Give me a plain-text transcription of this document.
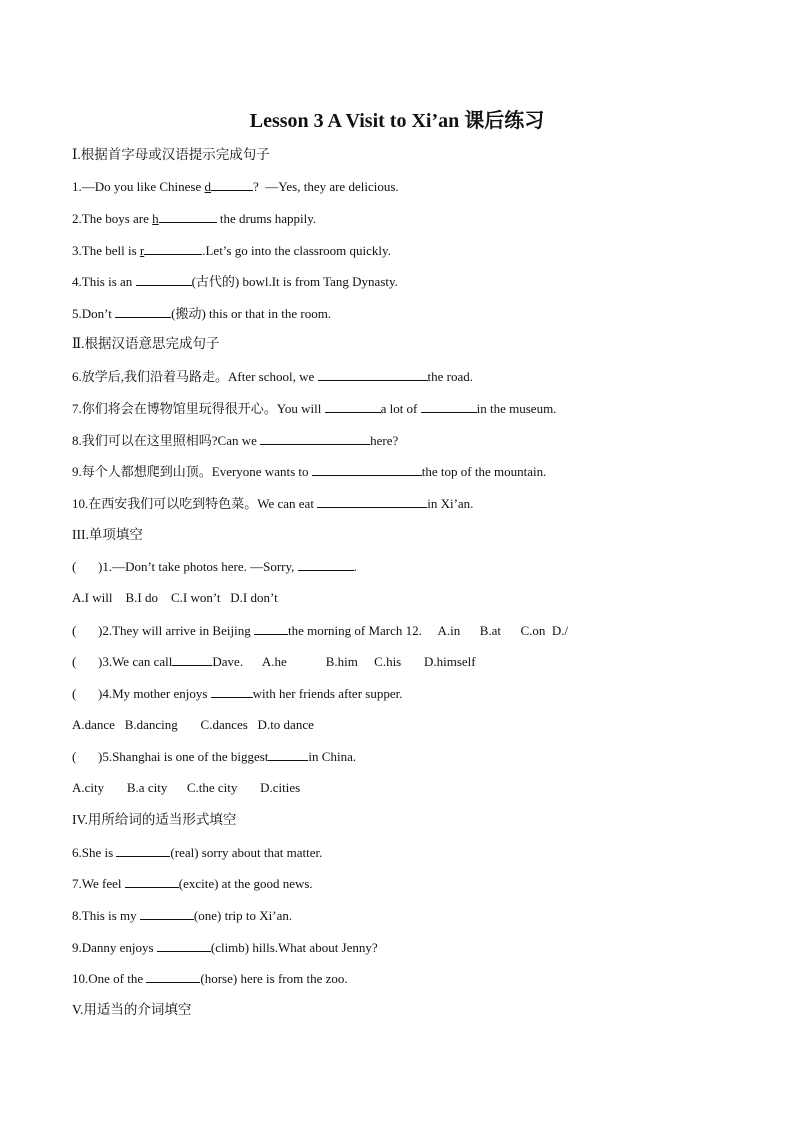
Lesson 3 A Visit to Xi’an 课后练习
Ⅰ.根据首字母或汉语提示完成句子
1.—Do you like Chinese d	?  —Yes, they are delicious.
2.The boys are h	the drums happily.
3.The bell is r	.Let’s go into the classroom quickly.
4.This is an	(古代的) bowl.It is from Tang Dynasty.
5.Don’t	(搬动) this or that in the room.
Ⅱ.根据汉语意思完成句子
6.放学后,我们沿着马路走。After school, we	the road.
7.你们将会在博物馆里玩得很开心。You will	a lot of	in the museum.
8.我们可以在这里照相吗?Can we	here?
9.每个人都想爬到山顶。Everyone wants to	the top of the mountain.
10.在西安我们可以吃到特色菜。We can eat	in Xi’an.
III.单项填空
( )1.—Don’t take photos here. —Sorry,	.
A.I will    B.I do    C.I won’t   D.I don’t
( )2.They will arrive in Beijing	the morning of March 12.     A.in      B.at      C.on  D./
( )3.We can call	Dave.      A.he            B.him     C.his       D.himself
( )4.My mother enjoys	with her friends after supper.
A.dance   B.dancing       C.dances   D.to dance
( )5.Shanghai is one of the biggest	in China.
A.city       B.a city      C.the city       D.cities
IV.用所给词的适当形式填空
6.She is	(real) sorry about that matter.
7.We feel	(excite) at the good news.
8.This is my	(one) trip to Xi’an.
9.Danny enjoys	(climb) hills.What about Jenny?
10.One of the	(horse) here is from the zoo.
V.用适当的介词填空
